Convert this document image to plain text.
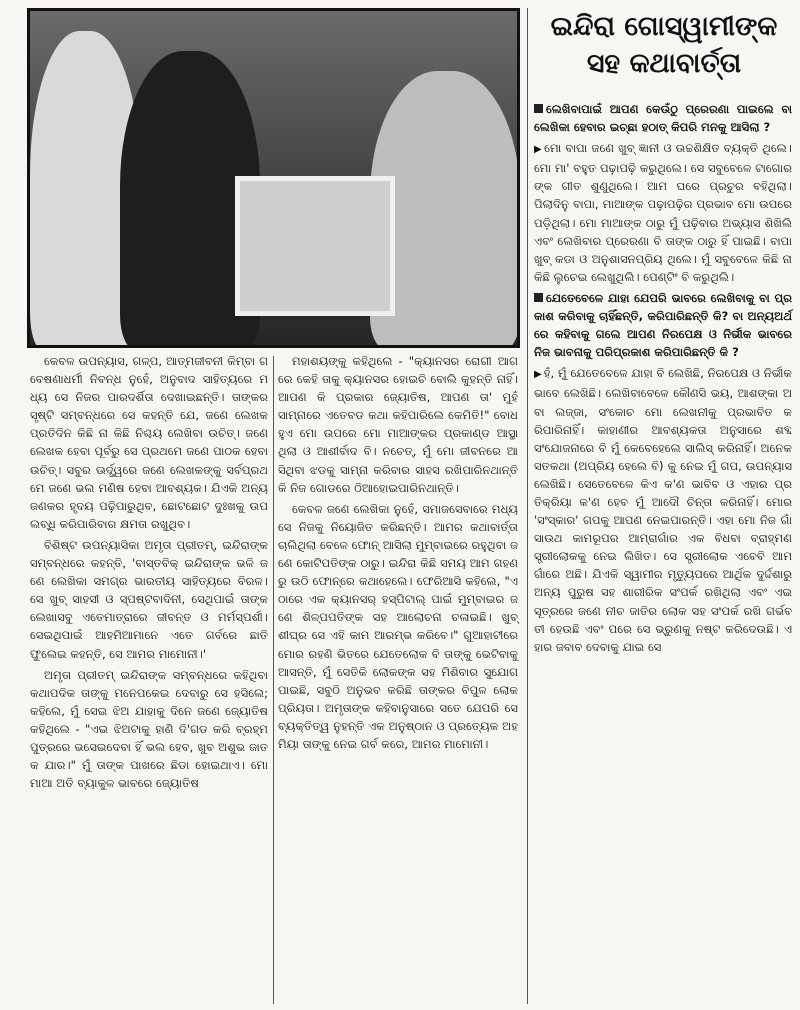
ଇନ୍ଦିରା ଗୋସ୍ୱାମୀଙ୍କ
ସହ କଥାବାର୍ତ୍ତା

କେବଳ ଉପନ୍ୟାସ, ଗଳ୍ପ, ଆତ୍ମଜୀବନୀ କିମ୍ବା ଗବେଷଣାଧର୍ମୀ ନିବନ୍ଧ ନୁହେଁ, ଅନୁବାଦ ସାହିତ୍ୟରେ ମଧ୍ୟ ସେ ନିଜର ପାରଦର୍ଶିତା ଦେଖାଇଛନ୍ତି। ତାଙ୍କର ସୃଷ୍ଟି ସମ୍ବନ୍ଧରେ ସେ କହନ୍ତି ଯେ, ଜଣେ ଲେଖକ ପ୍ରତିଦିନ କିଛି ନା କିଛି ନିଶ୍ଚୟ ଲେଖିବା ଉଚିତ୍। ଜଣେ ଲେଖକ ହେବା ପୂର୍ବରୁ ସେ ପ୍ରଥମେ ଜଣେ ପାଠକ ହେବା ଉଚିତ୍। ସବୁର ଊର୍ଦ୍ଧ୍ୱରେ ଜଣେ ଲେଖକଙ୍କୁ ସର୍ବପ୍ରଥମେ ଜଣେ ଭଲ ମଣିଷ ହେବା ଆବଶ୍ୟକ। ଯିଏକି ଅନ୍ୟଜଣକର ହୃଦୟ ପଢ଼ିପାରୁଥିବ, ଛୋଟଛୋଟ ଦୁଃଖକୁ ଉପଲବ୍ଧି କରିପାରିବାର କ୍ଷମତା ରଖୁଥିବ।

ବିଶିଷ୍ଟ ଉପନ୍ୟାସିକା ଅମୃତା ପ୍ରୀତମ୍, ଇନ୍ଦିରାଙ୍କ ସମ୍ବନ୍ଧରେ କହନ୍ତି, 'ବାସ୍ତବିକ୍ ଇନ୍ଦିରାଙ୍କ ଭଳି ଜଣେ ଲେଖିକା ସମଗ୍ର ଭାରତୀୟ ସାହିତ୍ୟରେ ବିରଳ। ସେ ଖୁବ୍ ସାହସୀ ଓ ସ୍ପଷ୍ଟବାଦିନୀ, ସେଥିପାଇଁ ତାଙ୍କ ଲେଖାସବୁ ଏତେମାତ୍ରାରେ ଜୀବନ୍ତ ଓ ମର୍ମସ୍ପର୍ଶୀ। ସେଇଥିପାଇଁ ଆହମିଆମାନେ ଏତେ ଗର୍ବରେ ଛାତି ଫୁଲେଇ କହନ୍ତି, ସେ ଆମର ମାମୋନୀ।'

ଅମୃତା ପ୍ରୀତମ୍ ଇନ୍ଦିରାଙ୍କ ସମ୍ବନ୍ଧରେ କହିଥିବା କଥାପଦିକ ତାଙ୍କୁ ମନେପକେଇ ଦେବାରୁ ସେ ହସିଲେ; କହିଲେ, ମୁଁ ସେଇ ଝିଅ ଯାହାକୁ ଦିନେ ଜଣେ ଜ୍ୟୋତିଷ କହିଥିଲେ - "ଏଇ ଝିଅଟାକୁ ହାଣି ଦି'ଗଡ କରି ବ୍ରହ୍ମପୁତ୍ରରେ ଭସେଇଦେବା ହିଁ ଭଲ ହେବ, ଖୁବ ଅଶୁଭ ଜାତକ ଯାର।" ମୁଁ ତାଙ୍କ ପାଖରେ ଛିଡା ହୋଇଥାଏ। ମୋ ମାଆ ଅତି ବ୍ୟାକୁଳ ଭାବରେ ଜ୍ୟୋତିଷ

ମହାଶୟଙ୍କୁ କହିଥିଲେ - "କ୍ୟାନସର ରୋଗୀ ଆଗରେ କେହି ତାକୁ କ୍ୟାନସର ହୋଇଚି ବୋଲି କୁହନ୍ତି ନାହିଁ। ଆପଣ କି ପ୍ରକାର ଜ୍ୟୋତିଷ, ଆପଣ ତା' ମୁହଁ ସାମ୍ନାରେ ଏତେବଡ କଥା କହିପାରିଲେ କେମିତି!" ବୋଧହୁଏ ମୋ ଉପରେ ମୋ ମାଆଙ୍କର ପ୍ରକାଣ୍ଡ ଆସ୍ଥା ଥିଲା ଓ ଆଶୀର୍ବାଦ ବି। ନଚେତ୍, ମୁଁ ମୋ ଜୀବନରେ ଆସିଥିବା ଝଡକୁ ସାମ୍ନା କରିବାର ସାହସ ରଖିପାରିନଥାନ୍ତି କି ନିଜ ଗୋଡରେ ଠିଆହୋଇପାରିନଥାନ୍ତି।

କେବଳ ଜଣେ ଲେଖିକା ନୁହେଁ, ସମାଜସେବାରେ ମଧ୍ୟ ସେ ନିଜକୁ ନିୟୋଜିତ କରିଛନ୍ତି। ଆମର କଥାବାର୍ତ୍ତା ଚାଲିଥିଲା ବେଳେ ଫୋନ୍ ଆସିଲା ମୁମ୍ବାଇରେ ରହୁଥିବା ଜଣେ କୋଟିପତିଙ୍କ ଠାରୁ। ଇନ୍ଦିରା କିଛି ସମୟ ଆମ ଗହଣରୁ ଉଠି ଫୋନ୍‌ରେ କଥାହେଲେ। ଫେରିଆସି କହିଲେ, "ଏଠାରେ ଏକ କ୍ୟାନସର୍ ହସ୍ପିଟାଲ୍ ପାଇଁ ମୁମ୍ବାଇର ଜଣେ ଶିଳ୍ପପତିଙ୍କ ସହ ଆଲୋଚନା ଚଳାଇଛି। ଖୁବ୍ ଶୀଘ୍ର ସେ ଏହି କାମ ଆରମ୍ଭ କରିବେ।" ଗୁଆହାଟୀରେ ମୋର ରହଣି ଭିତରେ ଯେତେଲୋକ ବି ତାଙ୍କୁ ଭେଟିବାକୁ ଆସନ୍ତି, ମୁଁ ସେତିକି ଲୋକଙ୍କ ସହ ମିଶିବାର ସୁଯୋଗ ପାଇଛି, ସବୁଠି ଅନୁଭବ କରିଛି ତାଙ୍କର ବିପୁଳ ଲୋକପ୍ରିୟତା। ଅମୃତାଙ୍କ କହିବାନୁସାରେ ସତେ ଯେପରି ସେ ବ୍ୟକ୍ତିତ୍ୱ ନୁହନ୍ତି ଏକ ଅନୁଷ୍ଠାନ ଓ ପ୍ରତ୍ୟେକ ଅହମିୟା ତାଙ୍କୁ ନେଇ ଗର୍ବ କରେ, ଆମର ମାମୋନୀ।

ଲେଖିବାପାଇଁ ଆପଣ କେଉଁଠୁ ପ୍ରେରଣା ପାଇଲେ ବା ଲେଖିକା ହେବାର ଇଚ୍ଛା ହଠାତ୍ କିପରି ମନକୁ ଆସିଲା ?

▶ ମୋ ବାପା ଜଣେ ଖୁବ୍ ଜ୍ଞାନୀ ଓ ଉଚ୍ଚଶିକ୍ଷିତ ବ୍ୟକ୍ତି ଥିଲେ। ମୋ ମା' ବହୁତ ପଢ଼ାପଢ଼ି କରୁଥିଲେ। ସେ ସବୁବେଳେ ଟାଗୋରଙ୍କ ଗୀତ ଶୁଣୁଥିଲେ। ଆମ ଘରେ ପ୍ରଚୁର ବହିଥିଲା। ପିଲାଦିନୁ ବାପା, ମାଆଙ୍କ ପଢ଼ାପଢ଼ିର ପ୍ରଭାବ ମୋ ଉପରେ ପଡ଼ିଥିଲା। ମୋ ମାଆଙ୍କ ଠାରୁ ମୁଁ ପଢ଼ିବାର ଅଭ୍ୟାସ ଶିଖିଲି ଏବଂ ଲେଖିବାର ପ୍ରେରଣା ବି ତାଙ୍କ ଠାରୁ ହିଁ ପାଇଛି। ବାପା ଖୁବ୍ କଡା ଓ ଅନୁଶାସନପ୍ରିୟ ଥିଲେ। ମୁଁ ସବୁବେଳେ କିଛି ନା କିଛି ଲୁଚେଇ ଲେଖୁଥିଲି। ପେଣ୍ଟିଂ ବି କରୁଥିଲି।

ଯେତେବେଳେ ଯାହା ଯେପରି ଭାବରେ ଲେଖିବାକୁ ବା ପ୍ରକାଶ କରିବାକୁ ଚାହିଁଛନ୍ତି, କରିପାରିଛନ୍ତି କି? ବା ଅନ୍ୟଅର୍ଥରେ କହିବାକୁ ଗଲେ ଆପଣ ନିରପେକ୍ଷ ଓ ନିର୍ଭୀକ ଭାବରେ ନିଜ ଭାବନାକୁ ପରିପ୍ରକାଶ କରିପାରିଛନ୍ତି କି ?

▶ ହଁ, ମୁଁ ଯେତେବେଳେ ଯାହା ବି ଲେଖିଛି, ନିରପେକ୍ଷ ଓ ନିର୍ଭୀକ ଭାବେ ଲେଖିଛି। ଲେଖିବାବେଳେ କୌଣସି ଭୟ, ଆଶଙ୍କା ଅବା ଲଜ୍ଜା, ସଂକୋଚ ମୋ ଲେଖନୀକୁ ପ୍ରଭାବିତ କରିପାରିନାହିଁ। କାହାଣୀର ଆବଶ୍ୟକତା ଅନୁସାରେ ଶବ୍ଦ ସଂଯୋଜନାରେ ବି ମୁଁ କେବେହେଲେ ସାଲିସ୍ କରିନାହିଁ। ଅନେକ ସତକଥା (ଅପ୍ରିୟ ହେଲେ ବି) କୁ ନେଇ ମୁଁ ଗପ, ଉପନ୍ୟାସ ଲେଖିଛି। ସେତେବେଳେ କିଏ କ'ଣ ଭାବିବ ଓ ଏହାର ପ୍ରତିକ୍ରିୟା କ'ଣ ହେବ ମୁଁ ଆଦୌ ଚିନ୍ତା କରିନାହିଁ। ମୋର 'ସଂସ୍କାର' ଗପକୁ ଆପଣ ନେଇପାରନ୍ତି। ଏହା ମୋ ନିଜ ଗାଁ ସାଉଥ କାମରୂପର ଆମ୍ରାଗାଁର ଏକ ବିଧବା ବ୍ରାହ୍ମଣ ସ୍ତ୍ରୀଲୋକକୁ ନେଇ ଲିଖିତ। ସେ ସ୍ତ୍ରୀଲୋକ ଏବେବି ଆମ ଗାଁରେ ଅଛି। ଯିଏକି ସ୍ୱାମୀର ମୃତ୍ୟୁପରେ ଆର୍ଥିକ ଦୁର୍ଦ୍ଦଶାରୁ ଅନ୍ୟ ପୁରୁଷ ସହ ଶାରୀରିକ ସଂପର୍କ ରଖିଥିଲା ଏବଂ ଏଇ ସୂତ୍ରରେ ଜଣେ ନୀଚ ଜାତିର ଲୋକ ସହ ସଂପର୍କ ରଖି ଗର୍ଭବତୀ ହେଉଛି ଏବଂ ପରେ ସେ ଭ୍ରୁଣକୁ ନଷ୍ଟ କରିଦେଉଛି। ଏହାର ଜବାବ ଦେବାକୁ ଯାଇ ସେ
